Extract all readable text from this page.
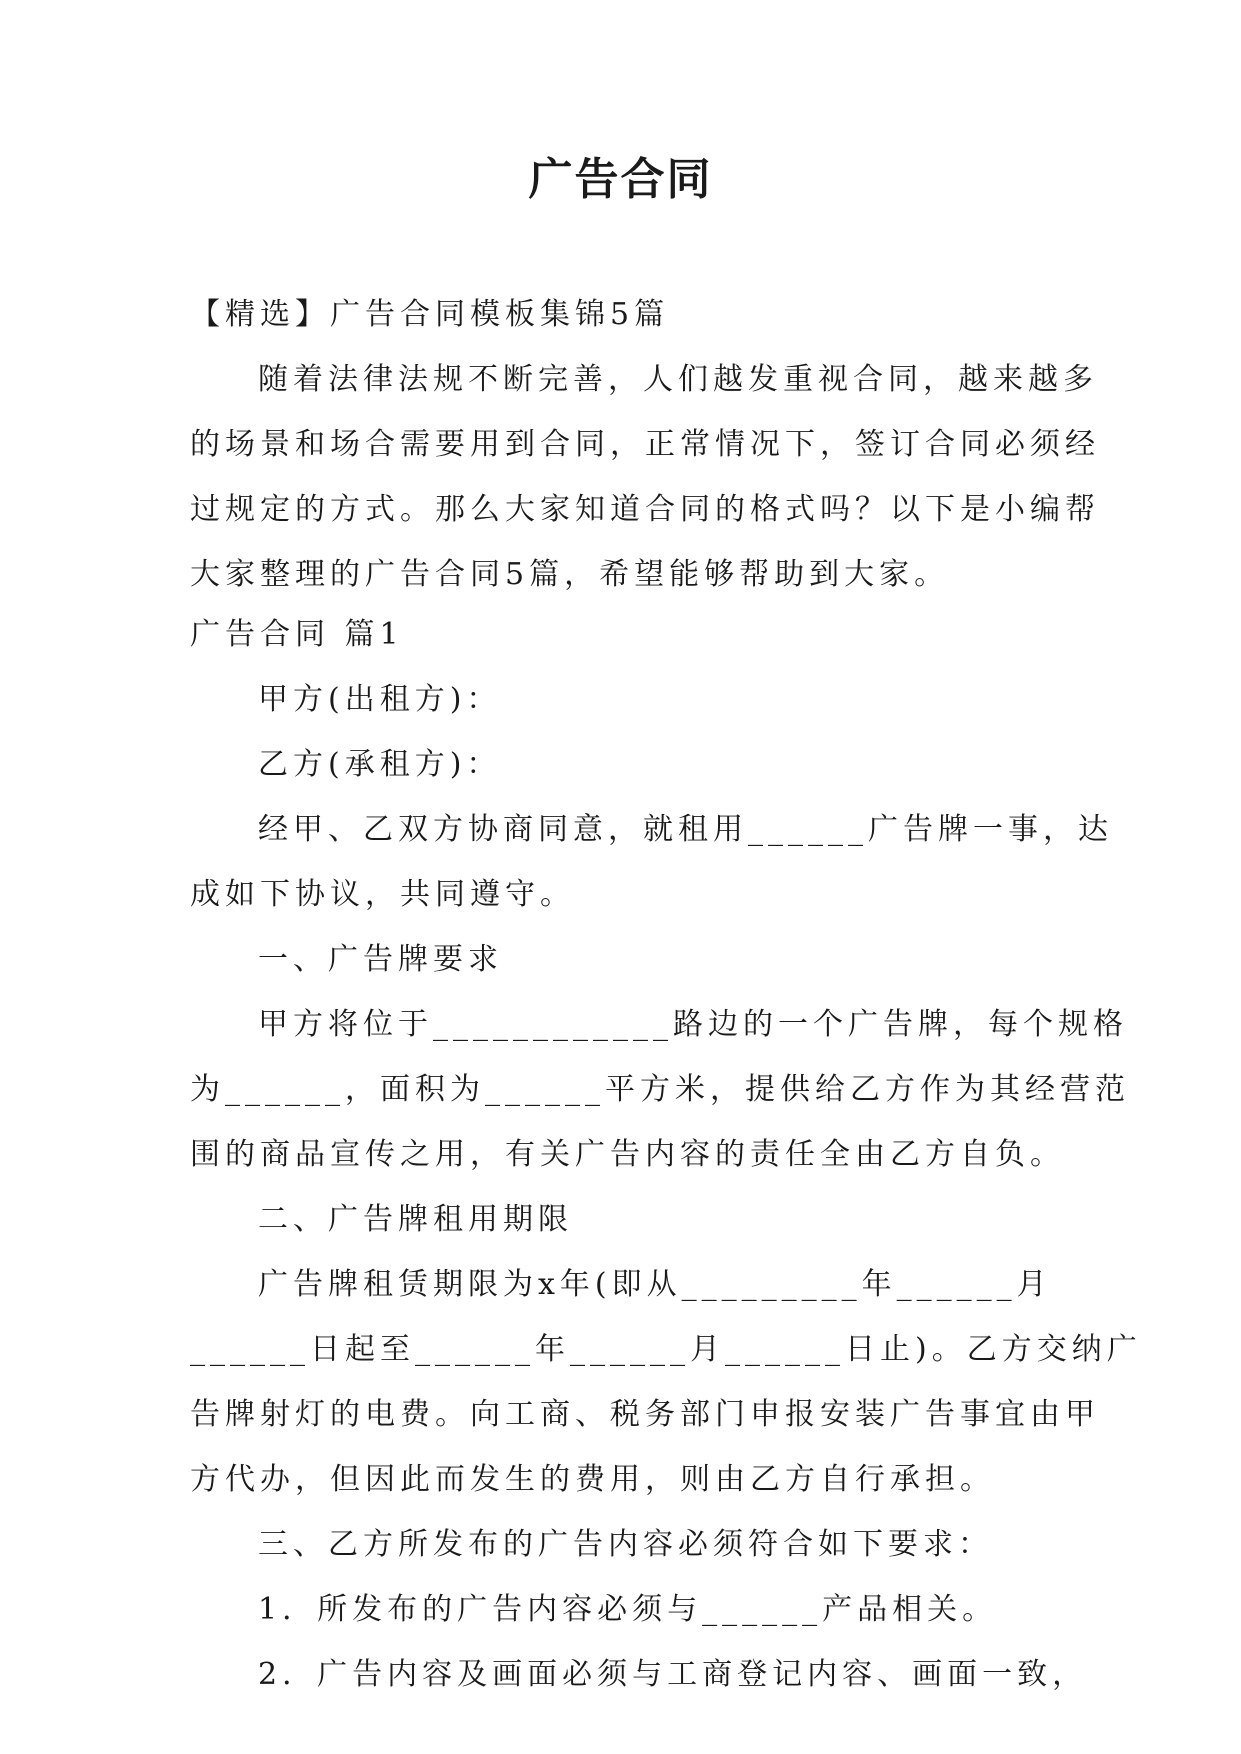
广告合同
【精选】广告合同模板集锦5篇
随着法律法规不断完善，人们越发重视合同，越来越多
的场景和场合需要用到合同，正常情况下，签订合同必须经
过规定的方式。那么大家知道合同的格式吗？以下是小编帮
大家整理的广告合同5篇，希望能够帮助到大家。
广告合同 篇1
甲方(出租方)：
乙方(承租方)：
经甲、乙双方协商同意，就租用______广告牌一事，达
成如下协议，共同遵守。
一、广告牌要求
甲方将位于____________路边的一个广告牌，每个规格
为______，面积为______平方米，提供给乙方作为其经营范
围的商品宣传之用，有关广告内容的责任全由乙方自负。
二、广告牌租用期限
广告牌租赁期限为x年(即从_________年______月
______日起至______年______月______日止)。乙方交纳广
告牌射灯的电费。向工商、税务部门申报安装广告事宜由甲
方代办，但因此而发生的费用，则由乙方自行承担。
三、乙方所发布的广告内容必须符合如下要求：
1．所发布的广告内容必须与______产品相关。
2．广告内容及画面必须与工商登记内容、画面一致，
